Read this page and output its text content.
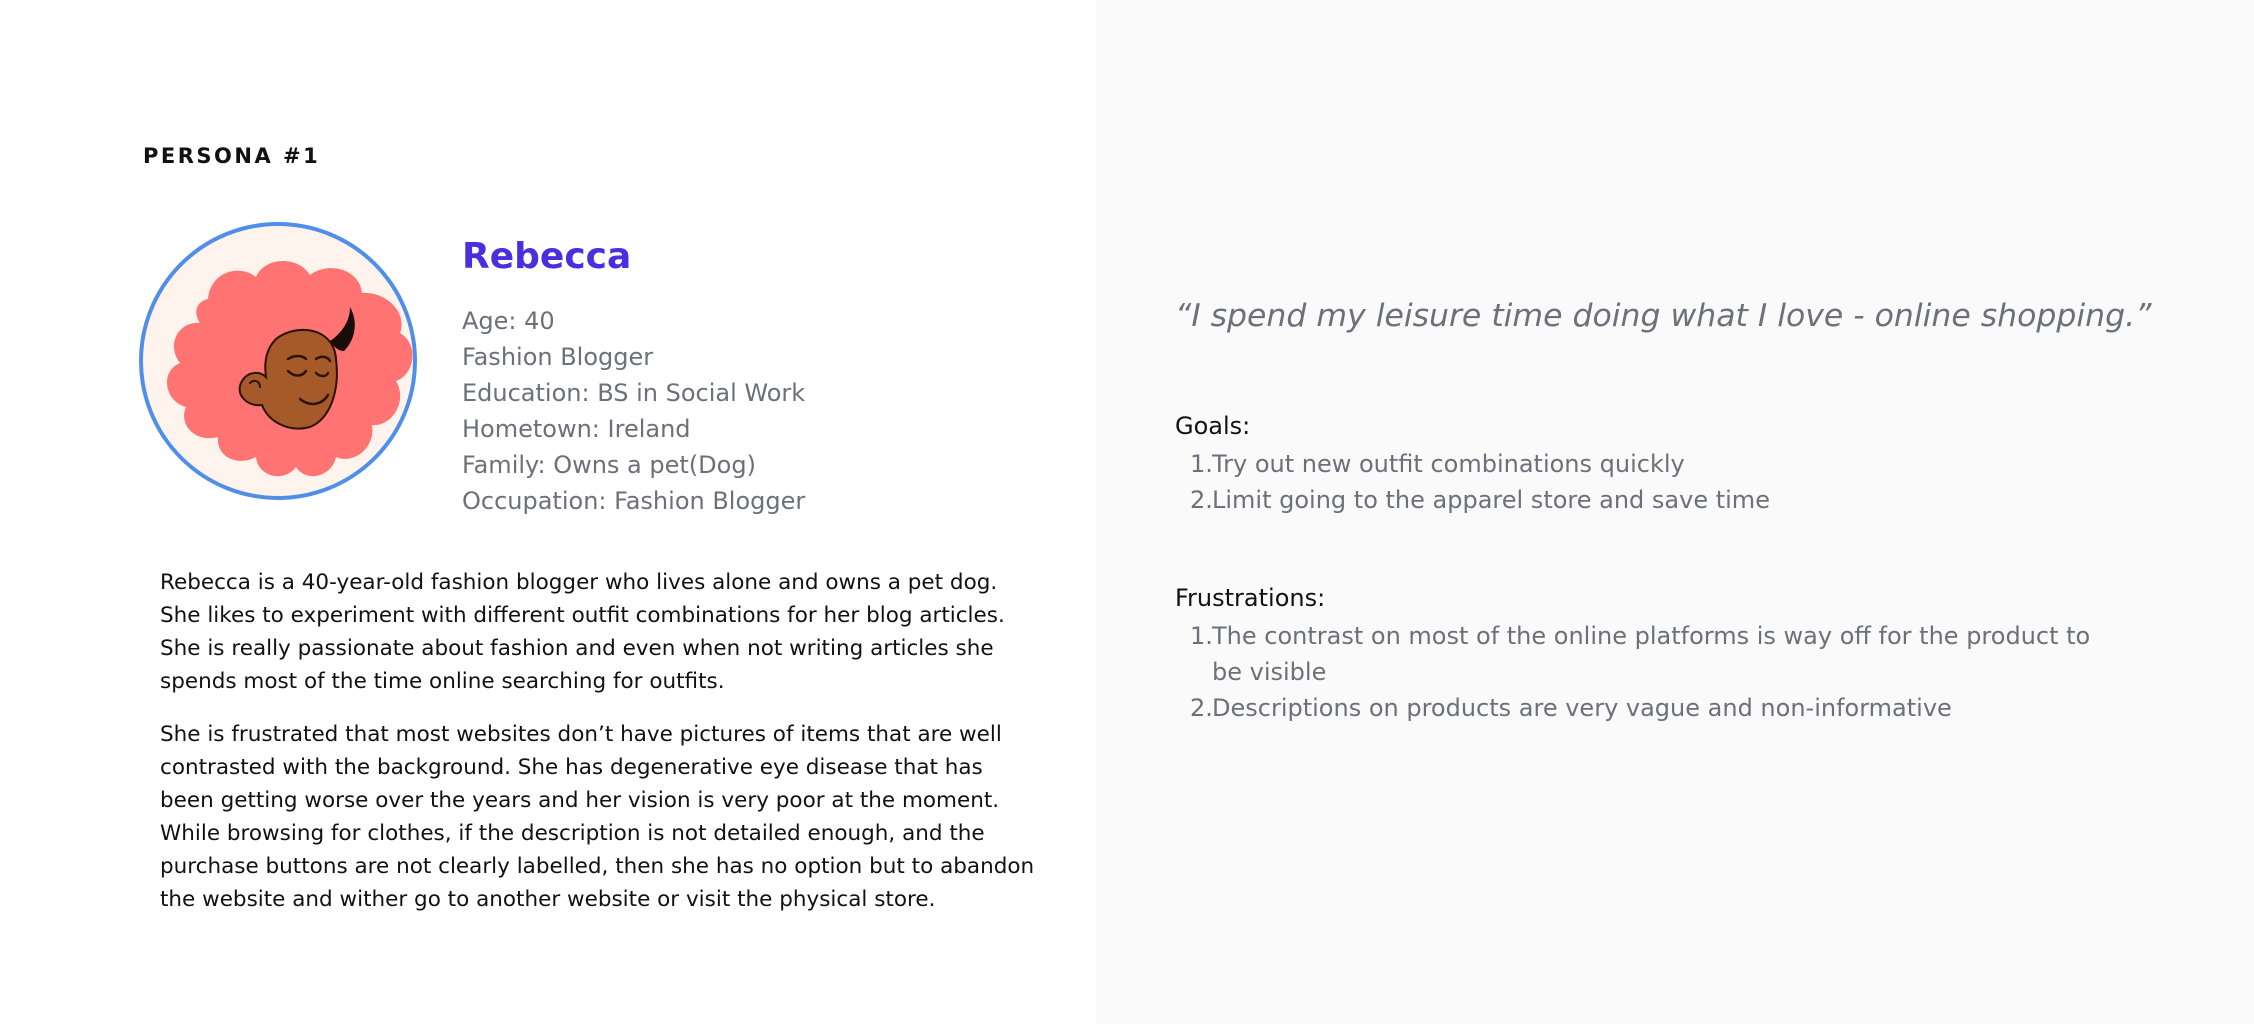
PERSONA #1
Rebecca
Age: 40
Fashion Blogger
Education: BS in Social Work
Hometown: Ireland
Family: Owns a pet(Dog)
Occupation: Fashion Blogger

Rebecca is a 40-year-old fashion blogger who lives alone and owns a pet dog. She likes to experiment with different outfit combinations for her blog articles. She is really passionate about fashion and even when not writing articles she spends most of the time online searching for outfits.

She is frustrated that most websites don’t have pictures of items that are well contrasted with the background. She has degenerative eye disease that has been getting worse over the years and her vision is very poor at the moment. While browsing for clothes, if the description is not detailed enough, and the purchase buttons are not clearly labelled, then she has no option but to abandon the website and wither go to another website or visit the physical store.

“I spend my leisure time doing what I love - online shopping.”
Goals:
1. Try out new outfit combinations quickly
2. Limit going to the apparel store and save time
Frustrations:
1. The contrast on most of the online platforms is way off for the product to be visible
2. Descriptions on products are very vague and non-informative
